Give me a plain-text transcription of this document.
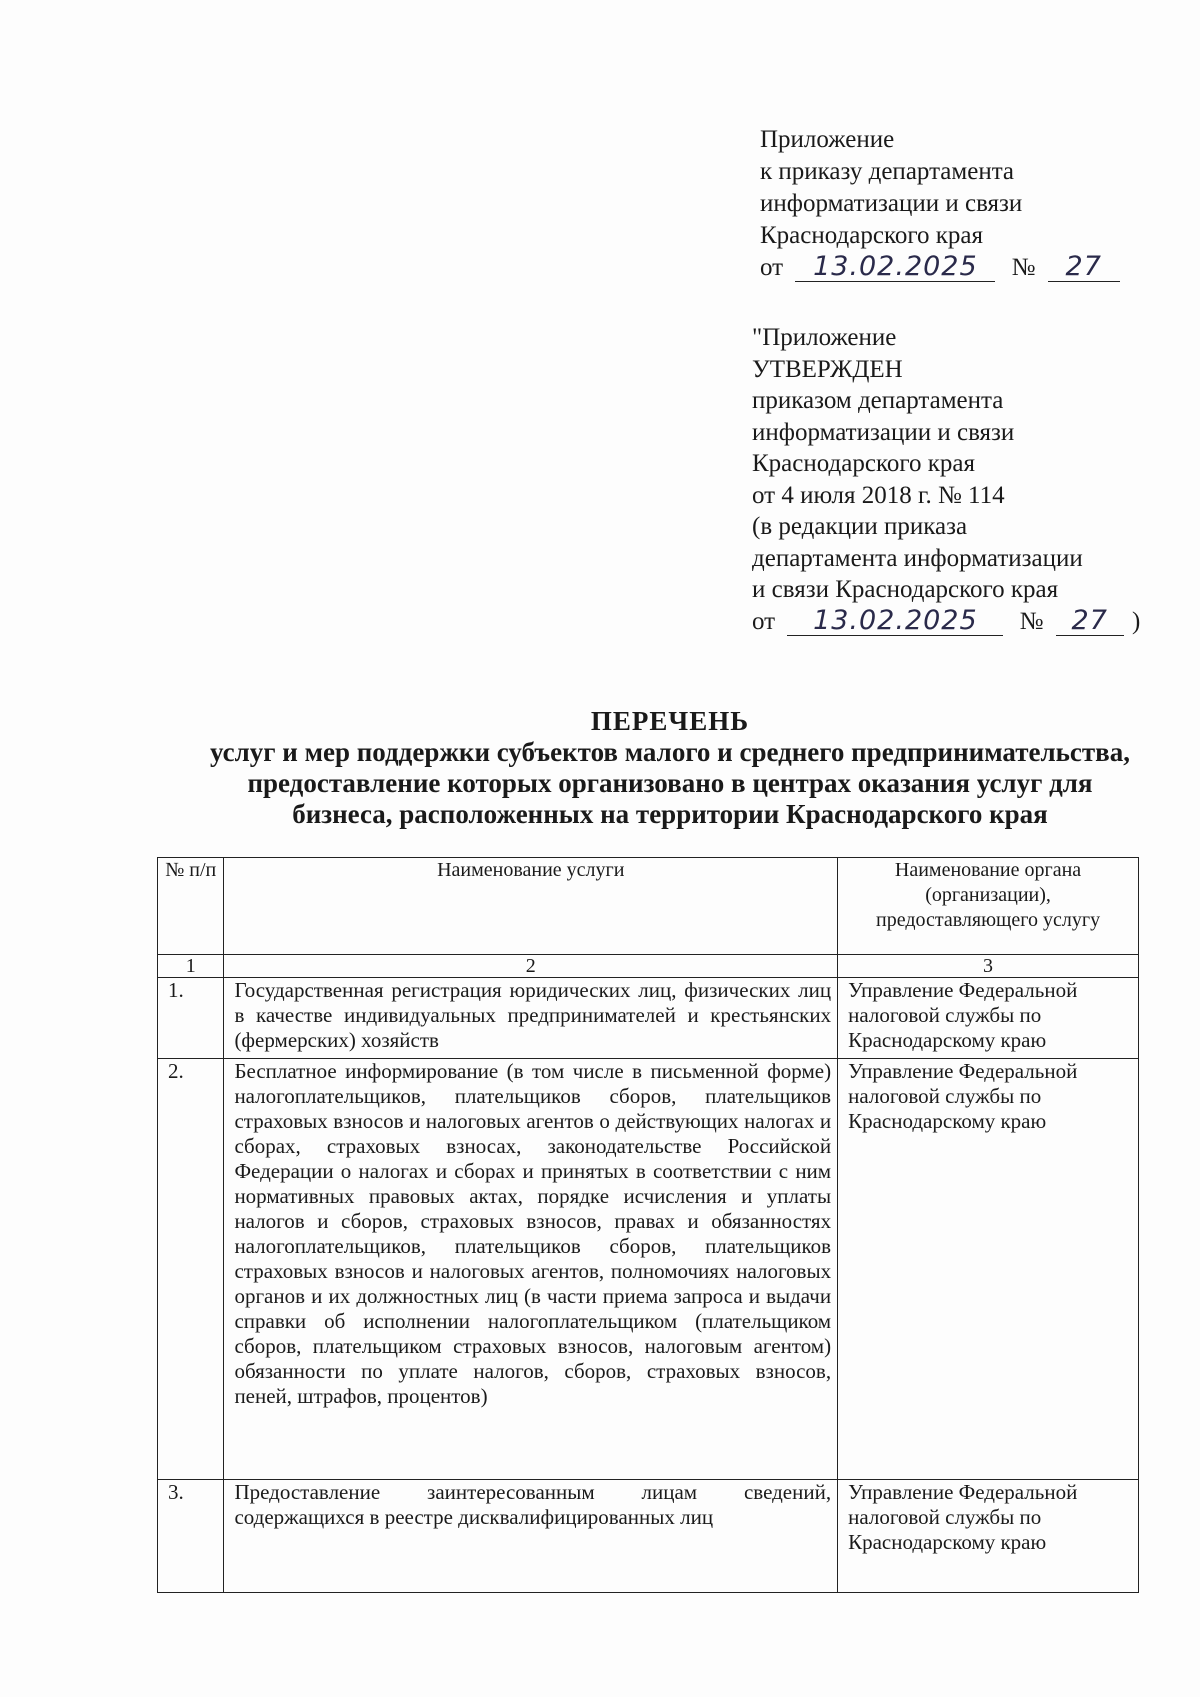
Приложение
к приказу департамента
информатизации и связи
Краснодарского края
от 13.02.2025 № 27
"Приложение
УТВЕРЖДЕН
приказом департамента
информатизации и связи
Краснодарского края
от 4 июля 2018 г. № 114
(в редакции приказа
департамента информатизации
и связи Краснодарского края
от 13.02.2025 № 27 )
ПЕРЕЧЕНЬ
услуг и мер поддержки субъектов малого и среднего предпринимательства,
предоставление которых организовано в центрах оказания услуг для
бизнеса, расположенных на территории Краснодарского края
№ п/п	Наименование услуги	Наименование органа (организации), предоставляющего услугу
1	2	3
1.	Государственная регистрация юридических лиц, физических лиц в качестве индивидуальных предпринимателей и крестьянских (фермерских) хозяйств	Управление Федеральной налоговой службы по Краснодарскому краю
2.	Бесплатное информирование (в том числе в письменной форме) налогоплательщиков, плательщиков сборов, плательщиков страховых взносов и налоговых агентов о действующих налогах и сборах, страховых взносах, законодательстве Российской Федерации о налогах и сборах и принятых в соответствии с ним нормативных правовых актах, порядке исчисления и уплаты налогов и сборов, страховых взносов, правах и обязанностях налогоплательщиков, плательщиков сборов, плательщиков страховых взносов и налоговых агентов, полномочиях налоговых органов и их должностных лиц (в части приема запроса и выдачи справки об исполнении налогоплательщиком (плательщиком сборов, плательщиком страховых взносов, налоговым агентом) обязанности по уплате налогов, сборов, страховых взносов, пеней, штрафов, процентов)	Управление Федеральной налоговой службы по Краснодарскому краю
3.	Предоставление заинтересованным лицам сведений, содержащихся в реестре дисквалифицированных лиц	Управление Федеральной налоговой службы по Краснодарскому краю
